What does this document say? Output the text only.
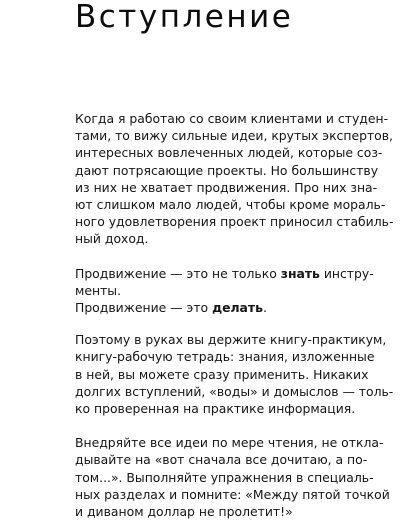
Вступление

Когда я работаю со своим клиентами и студен-
тами, то вижу сильные идеи, крутых экспертов,
интересных вовлеченных людей, которые соз-
дают потрясающие проекты. Но большинству
из них не хватает продвижения. Про них зна-
ют слишком мало людей, чтобы кроме мораль-
ного удовлетворения проект приносил стабиль-
ный доход.

Продвижение — это не только знать инстру-
менты.
Продвижение — это делать.

Поэтому в руках вы держите книгу-практикум,
книгу-рабочую тетрадь: знания, изложенные
в ней, вы можете сразу применить. Никаких
долгих вступлений, «воды» и домыслов — толь-
ко проверенная на практике информация.

Внедряйте все идеи по мере чтения, не откла-
дывайте на «вот сначала все дочитаю, а по-
том...». Выполняйте упражнения в специаль-
ных разделах и помните: «Между пятой точкой
и диваном доллар не пролетит!»
